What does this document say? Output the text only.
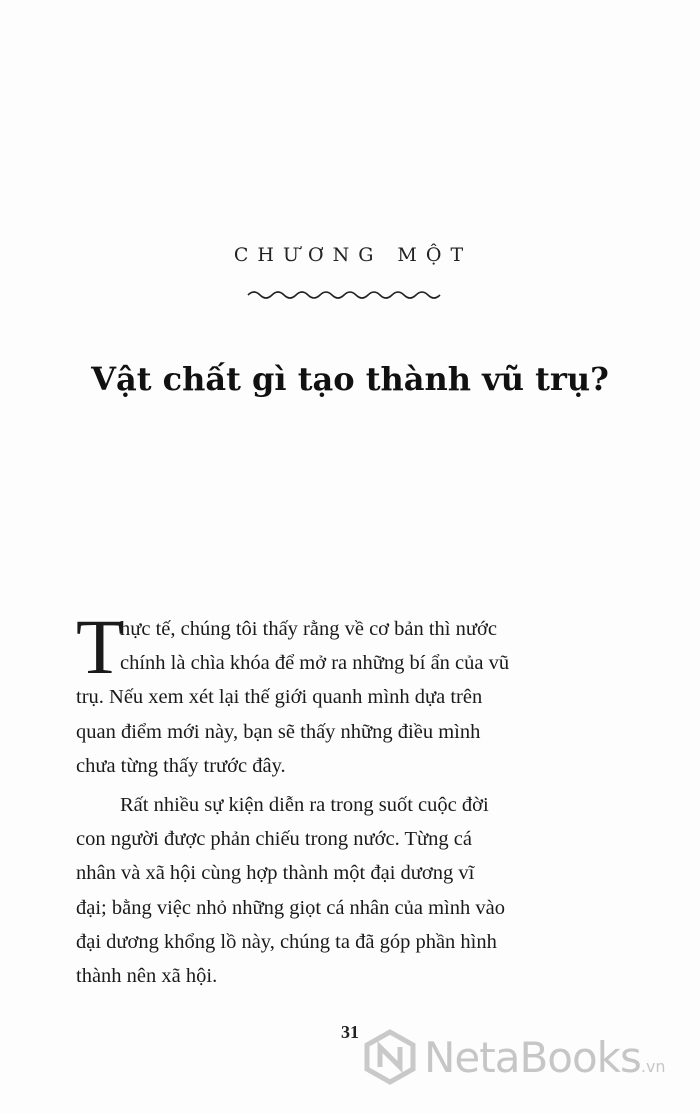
CHƯƠNG MỘT
Vật chất gì tạo thành vũ trụ?
T
hực tế, chúng tôi thấy rằng về cơ bản thì nước
chính là chìa khóa để mở ra những bí ẩn của vũ
trụ. Nếu xem xét lại thế giới quanh mình dựa trên
quan điểm mới này, bạn sẽ thấy những điều mình
chưa từng thấy trước đây.
Rất nhiều sự kiện diễn ra trong suốt cuộc đời
con người được phản chiếu trong nước. Từng cá
nhân và xã hội cùng hợp thành một đại dương vĩ
đại; bằng việc nhỏ những giọt cá nhân của mình vào
đại dương khổng lồ này, chúng ta đã góp phần hình
thành nên xã hội.
31
NetaBooks.vn
